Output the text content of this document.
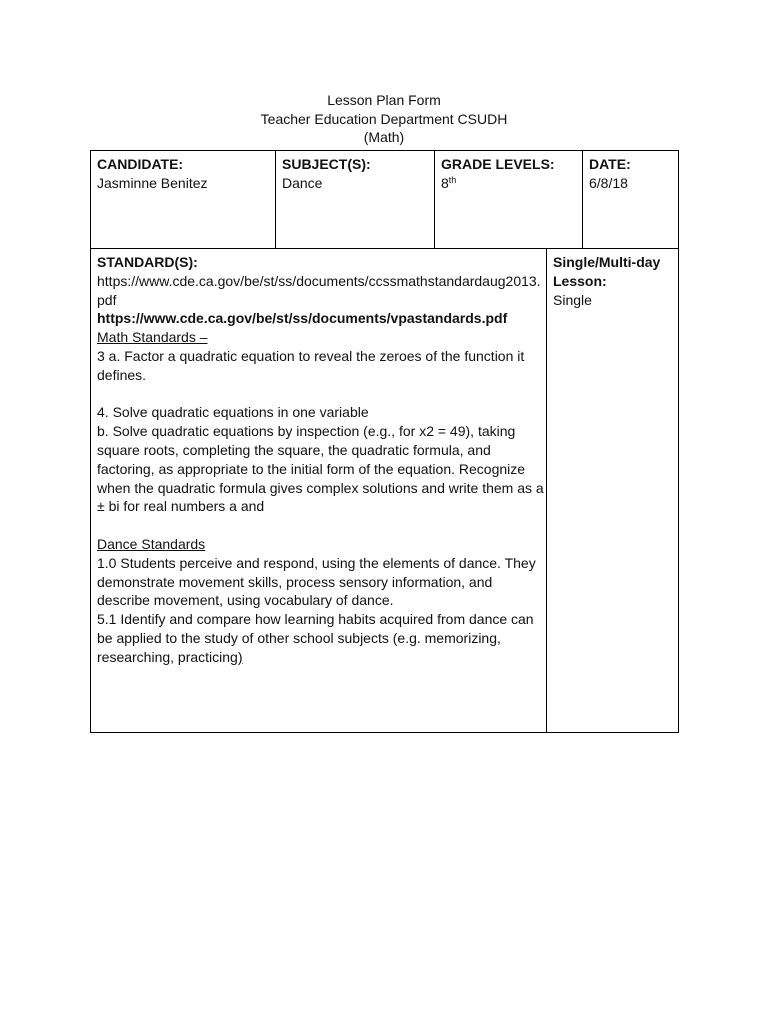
Lesson Plan Form
Teacher Education Department CSUDH
(Math)
CANDIDATE:
Jasminne Benitez
SUBJECT(S):
Dance
GRADE LEVELS:
8th
DATE:
6/8/18
STANDARD(S):
https://www.cde.ca.gov/be/st/ss/documents/ccssmathstandardaug2013.
pdf
https://www.cde.ca.gov/be/st/ss/documents/vpastandards.pdf
Math Standards –
3 a. Factor a quadratic equation to reveal the zeroes of the function it
defines.
4. Solve quadratic equations in one variable
b. Solve quadratic equations by inspection (e.g., for x2 = 49), taking
square roots, completing the square, the quadratic formula, and
factoring, as appropriate to the initial form of the equation. Recognize
when the quadratic formula gives complex solutions and write them as a
± bi for real numbers a and
Dance Standards
1.0 Students perceive and respond, using the elements of dance. They
demonstrate movement skills, process sensory information, and
describe movement, using vocabulary of dance.
5.1 Identify and compare how learning habits acquired from dance can
be applied to the study of other school subjects (e.g. memorizing,
researching, practicing)
Single/Multi-day
Lesson:
Single
